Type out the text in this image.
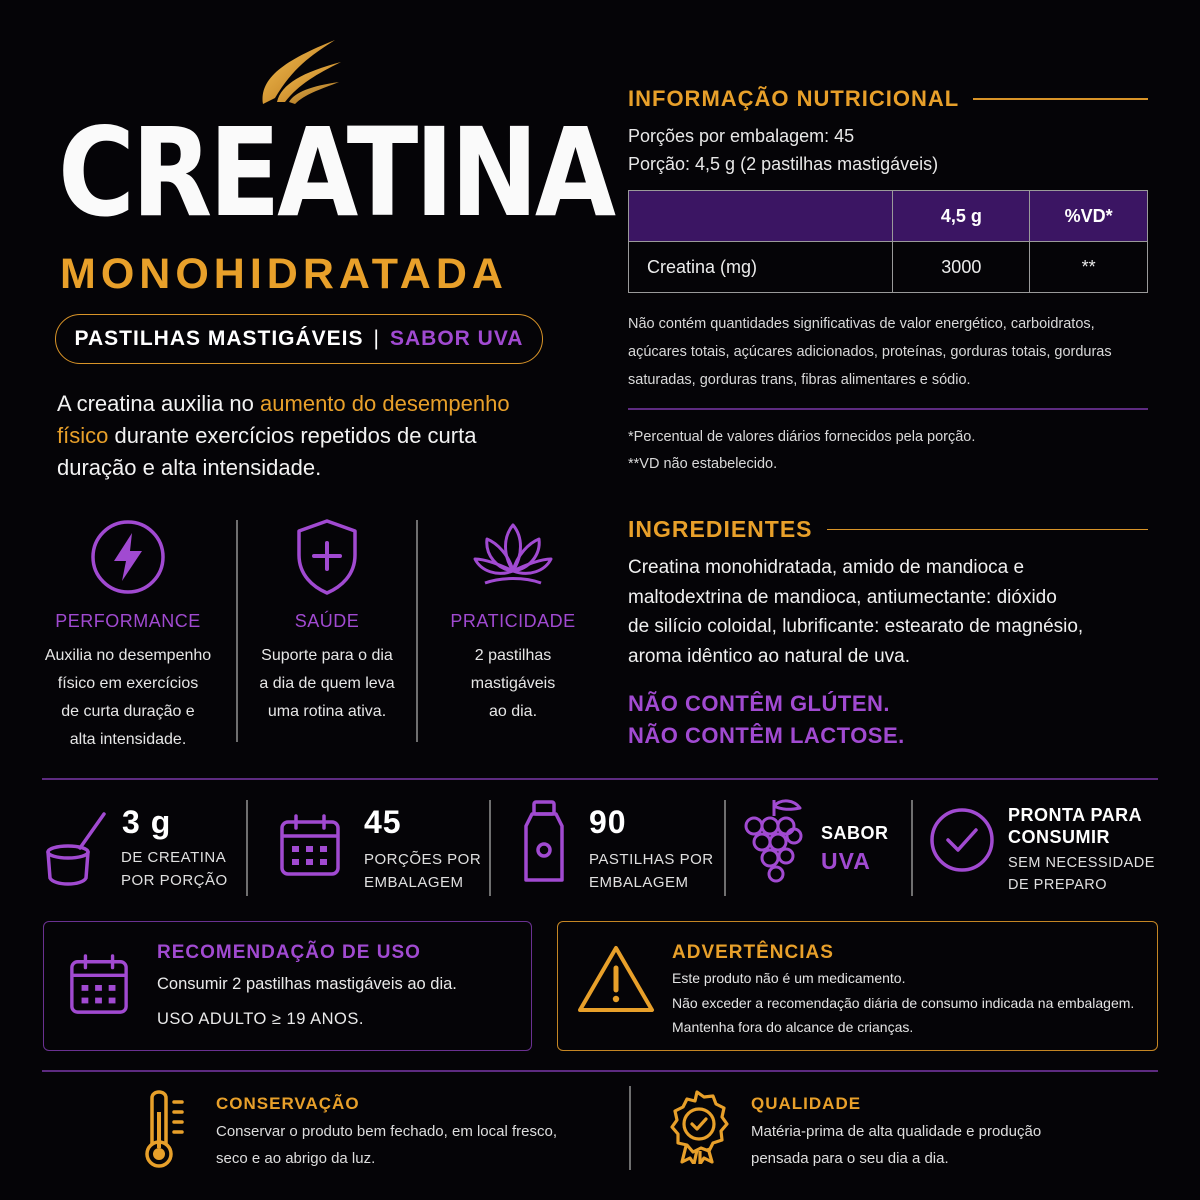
CREATINA
MONOHIDRATADA
PASTILHAS MASTIGÁVEIS | SABOR UVA
A creatina auxilia no aumento do desempenho físico durante exercícios repetidos de curta duração e alta intensidade.
PERFORMANCE
Auxilia no desempenho
físico em exercícios
de curta duração e
alta intensidade.
SAÚDE
Suporte para o dia
a dia de quem leva
uma rotina ativa.
PRATICIDADE
2 pastilhas
mastigáveis
ao dia.
INFORMAÇÃO NUTRICIONAL
Porções por embalagem: 45
Porção: 4,5 g (2 pastilhas mastigáveis)
	4,5 g	%VD*
Creatina (mg)	3000	**
Não contém quantidades significativas de valor energético, carboidratos,
açúcares totais, açúcares adicionados, proteínas, gorduras totais, gorduras
saturadas, gorduras trans, fibras alimentares e sódio.
*Percentual de valores diários fornecidos pela porção.
**VD não estabelecido.
INGREDIENTES
Creatina monohidratada, amido de mandioca e
maltodextrina de mandioca, antiumectante: dióxido
de silício coloidal, lubrificante: estearato de magnésio,
aroma idêntico ao natural de uva.
NÃO CONTÊM GLÚTEN.
NÃO CONTÊM LACTOSE.
3 g
DE CREATINA
POR PORÇÃO
45
PORÇÕES POR
EMBALAGEM
90
PASTILHAS POR
EMBALAGEM
SABOR
UVA
PRONTA PARA
CONSUMIR
SEM NECESSIDADE
DE PREPARO
RECOMENDAÇÃO DE USO
Consumir 2 pastilhas mastigáveis ao dia.
USO ADULTO ≥ 19 ANOS.
ADVERTÊNCIAS
Este produto não é um medicamento.
Não exceder a recomendação diária de consumo indicada na embalagem.
Mantenha fora do alcance de crianças.
CONSERVAÇÃO
Conservar o produto bem fechado, em local fresco,
seco e ao abrigo da luz.
QUALIDADE
Matéria-prima de alta qualidade e produção
pensada para o seu dia a dia.
